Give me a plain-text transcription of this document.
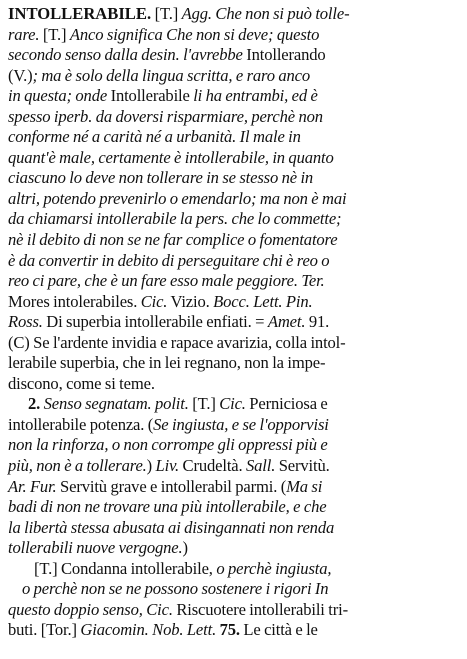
INTOLLERABILE. [T.] Agg. Che non si può tolle-
rare. [T.] Anco significa Che non si deve; questo
secondo senso dalla desin. l'avrebbe Intollerando
(V.); ma è solo della lingua scritta, e raro anco
in questa; onde Intollerabile li ha entrambi, ed è
spesso iperb. da doversi risparmiare, perchè non
conforme né a carità né a urbanità. Il male in
quant'è male, certamente è intollerabile, in quanto
ciascuno lo deve non tollerare in se stesso nè in
altri, potendo prevenirlo o emendarlo; ma non è mai
da chiamarsi intollerabile la pers. che lo commette;
nè il debito di non se ne far complice o fomentatore
è da convertir in debito di perseguitare chi è reo o
reo ci pare, che è un fare esso male peggiore. Ter.
Mores intolerabiles. Cic. Vizio. Bocc. Lett. Pin.
Ross. Di superbia intollerabile enfiati. = Amet. 91.
(C) Se l'ardente invidia e rapace avarizia, colla intol-
lerabile superbia, che in lei regnano, non la impe-
discono, come si teme.
2. Senso segnatam. polit. [T.] Cic. Perniciosa e
intollerabile potenza. (Se ingiusta, e se l'opporvisi
non la rinforza, o non corrompe gli oppressi più e
più, non è a tollerare.) Liv. Crudeltà. Sall. Servitù.
Ar. Fur. Servitù grave e intollerabil parmi. (Ma si
badi di non ne trovare una più intollerabile, e che
la libertà stessa abusata ai disingannati non renda
tollerabili nuove vergogne.)
[T.] Condanna intollerabile, o perchè ingiusta,
o perchè non se ne possono sostenere i rigori In
questo doppio senso, Cic. Riscuotere intollerabili tri-
buti. [Tor.] Giacomin. Nob. Lett. 75. Le città e le
